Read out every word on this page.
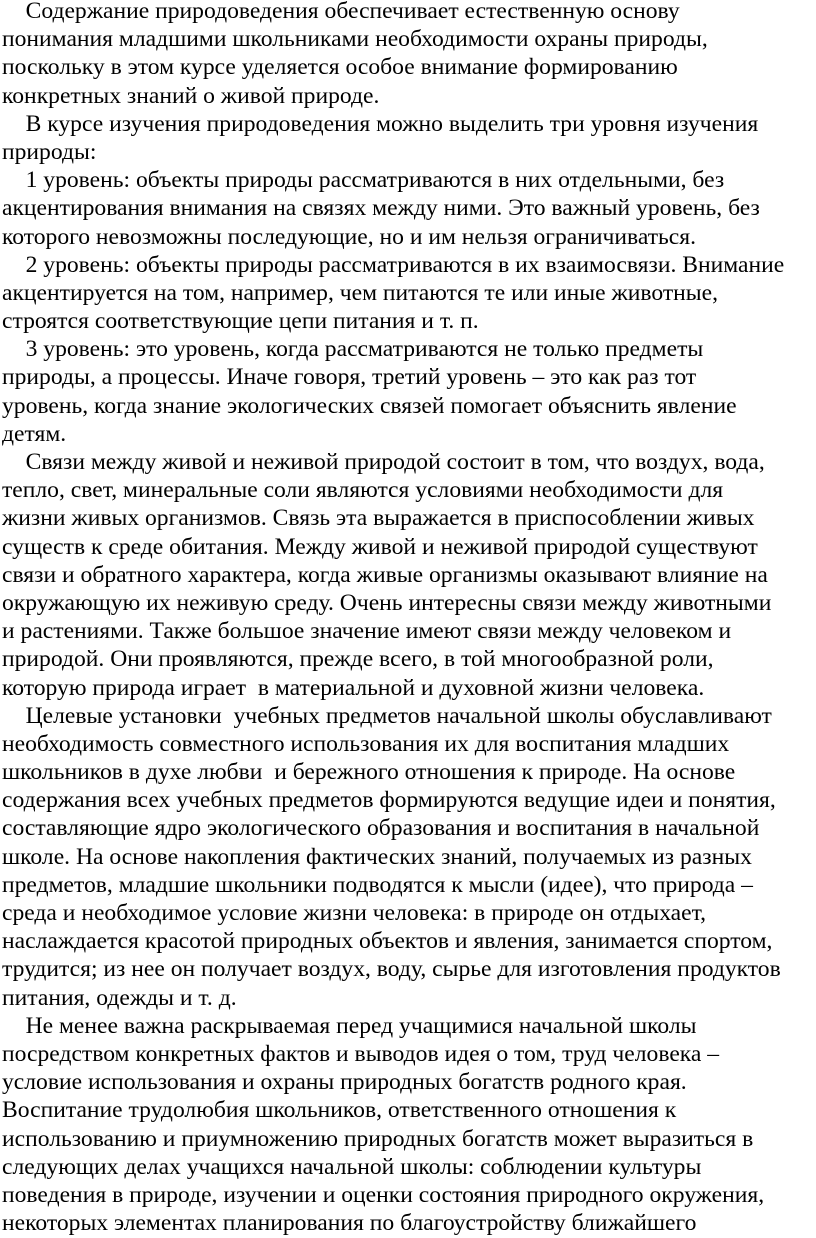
Содержание природоведения обеспечивает естественную основу
понимания младшими школьниками необходимости охраны природы,
поскольку в этом курсе уделяется особое внимание формированию
конкретных знаний о живой природе.
В курсе изучения природоведения можно выделить три уровня изучения
природы:
1 уровень: объекты природы рассматриваются в них отдельными, без
акцентирования внимания на связях между ними. Это важный уровень, без
которого невозможны последующие, но и им нельзя ограничиваться.
2 уровень: объекты природы рассматриваются в их взаимосвязи. Внимание
акцентируется на том, например, чем питаются те или иные животные,
строятся соответствующие цепи питания и т. п.
3 уровень: это уровень, когда рассматриваются не только предметы
природы, а процессы. Иначе говоря, третий уровень – это как раз тот
уровень, когда знание экологических связей помогает объяснить явление
детям.
Связи между живой и неживой природой состоит в том, что воздух, вода,
тепло, свет, минеральные соли являются условиями необходимости для
жизни живых организмов. Связь эта выражается в приспособлении живых
существ к среде обитания. Между живой и неживой природой существуют
связи и обратного характера, когда живые организмы оказывают влияние на
окружающую их неживую среду. Очень интересны связи между животными
и растениями. Также большое значение имеют связи между человеком и
природой. Они проявляются, прежде всего, в той многообразной роли,
которую природа играет  в материальной и духовной жизни человека.
Целевые установки  учебных предметов начальной школы обуславливают
необходимость совместного использования их для воспитания младших
школьников в духе любви  и бережного отношения к природе. На основе
содержания всех учебных предметов формируются ведущие идеи и понятия,
составляющие ядро экологического образования и воспитания в начальной
школе. На основе накопления фактических знаний, получаемых из разных
предметов, младшие школьники подводятся к мысли (идее), что природа –
среда и необходимое условие жизни человека: в природе он отдыхает,
наслаждается красотой природных объектов и явления, занимается спортом,
трудится; из нее он получает воздух, воду, сырье для изготовления продуктов
питания, одежды и т. д.
Не менее важна раскрываемая перед учащимися начальной школы
посредством конкретных фактов и выводов идея о том, труд человека –
условие использования и охраны природных богатств родного края.
Воспитание трудолюбия школьников, ответственного отношения к
использованию и приумножению природных богатств может выразиться в
следующих делах учащихся начальной школы: соблюдении культуры
поведения в природе, изучении и оценки состояния природного окружения,
некоторых элементах планирования по благоустройству ближайшего
